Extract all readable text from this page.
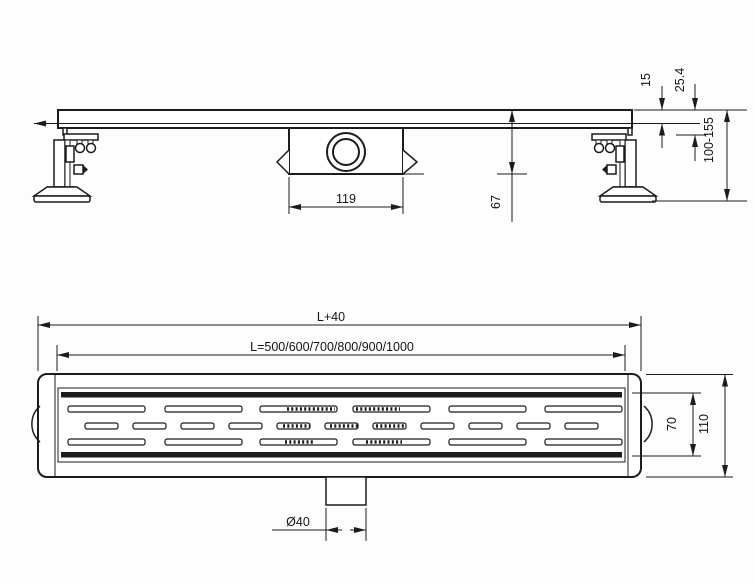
119	67
15 25.4
100-155
L+40
L=500/600/700/800/900/1000
Ø40
70 110
